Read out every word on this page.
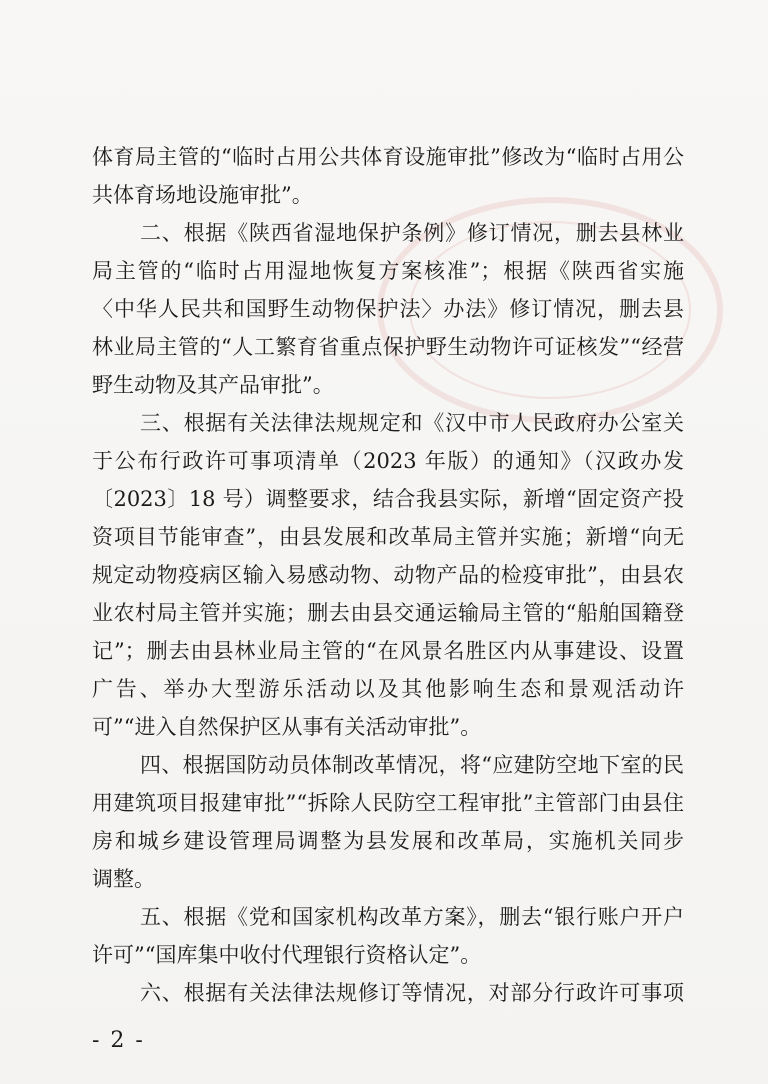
体育局主管的“临时占用公共体育设施审批”修改为“临时占用公
共体育场地设施审批”。
二、根据《陕西省湿地保护条例》修订情况，删去县林业
局主管的“临时占用湿地恢复方案核准”；根据《陕西省实施
〈中华人民共和国野生动物保护法〉办法》修订情况，删去县
林业局主管的“人工繁育省重点保护野生动物许可证核发”“经营
野生动物及其产品审批”。
三、根据有关法律法规规定和《汉中市人民政府办公室关
于公布行政许可事项清单（2023 年版）的通知》（汉政办发
〔2023〕18 号）调整要求，结合我县实际，新增“固定资产投
资项目节能审查”，由县发展和改革局主管并实施；新增“向无
规定动物疫病区输入易感动物、动物产品的检疫审批”，由县农
业农村局主管并实施；删去由县交通运输局主管的“船舶国籍登
记”；删去由县林业局主管的“在风景名胜区内从事建设、设置
广告、举办大型游乐活动以及其他影响生态和景观活动许
可”“进入自然保护区从事有关活动审批”。
四、根据国防动员体制改革情况，将“应建防空地下室的民
用建筑项目报建审批”“拆除人民防空工程审批”主管部门由县住
房和城乡建设管理局调整为县发展和改革局，实施机关同步
调整。
五、根据《党和国家机构改革方案》，删去“银行账户开户
许可”“国库集中收付代理银行资格认定”。
六、根据有关法律法规修订等情况，对部分行政许可事项
- 2 -
